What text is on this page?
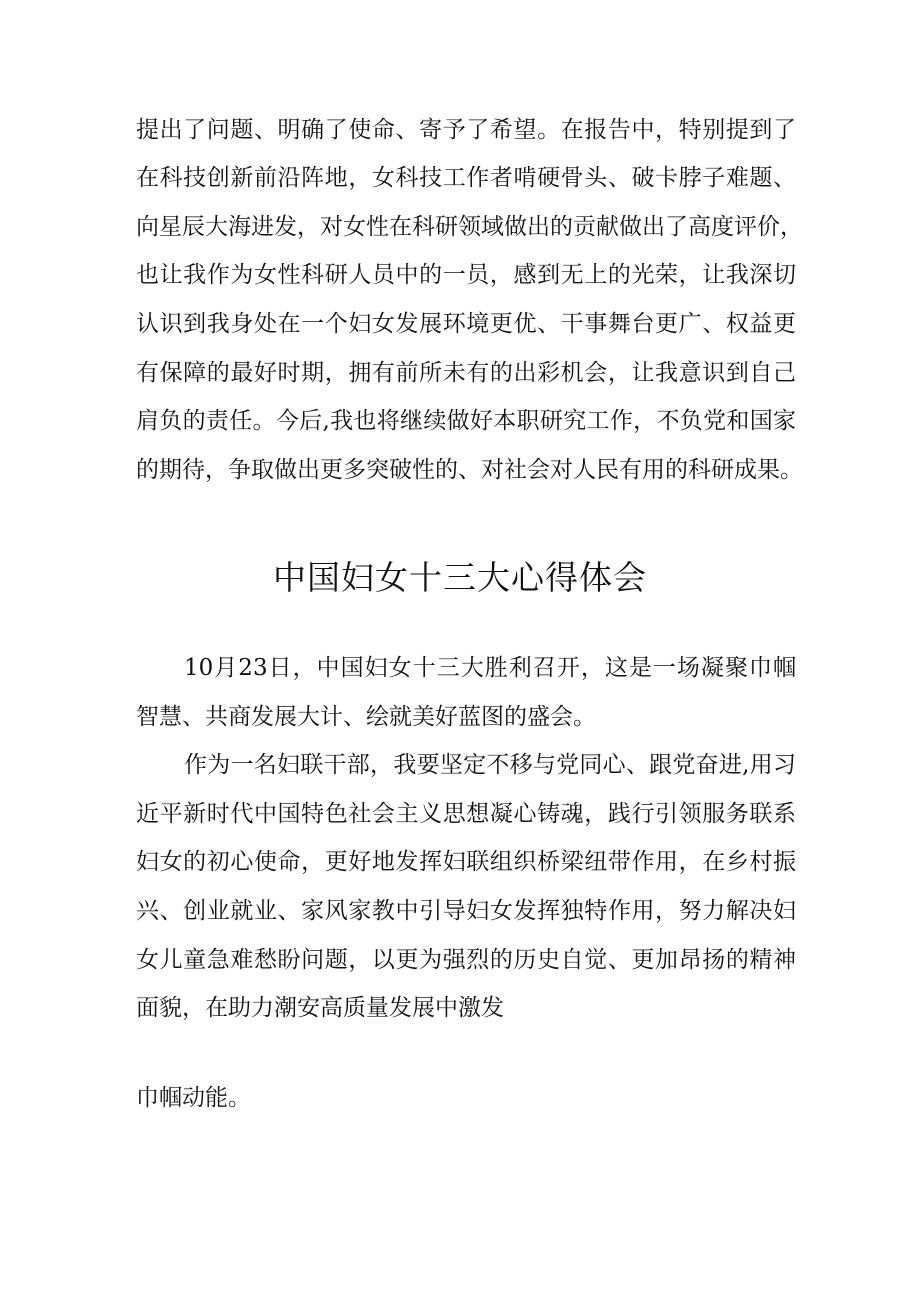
提出了问题、明确了使命、寄予了希望。在报告中，特别提到了
在科技创新前沿阵地，女科技工作者啃硬骨头、破卡脖子难题、
向星辰大海进发，对女性在科研领域做出的贡献做出了高度评价，
也让我作为女性科研人员中的一员，感到无上的光荣，让我深切
认识到我身处在一个妇女发展环境更优、干事舞台更广、权益更
有保障的最好时期，拥有前所未有的出彩机会，让我意识到自己
肩负的责任。今后,我也将继续做好本职研究工作，不负党和国家
的期待，争取做出更多突破性的、对社会对人民有用的科研成果。
中国妇女十三大心得体会
10月23日，中国妇女十三大胜利召开，这是一场凝聚巾帼
智慧、共商发展大计、绘就美好蓝图的盛会。
作为一名妇联干部，我要坚定不移与党同心、跟党奋进,用习
近平新时代中国特色社会主义思想凝心铸魂，践行引领服务联系
妇女的初心使命，更好地发挥妇联组织桥梁纽带作用，在乡村振
兴、创业就业、家风家教中引导妇女发挥独特作用，努力解决妇
女儿童急难愁盼问题，以更为强烈的历史自觉、更加昂扬的精神
面貌，在助力潮安高质量发展中激发
巾帼动能。
